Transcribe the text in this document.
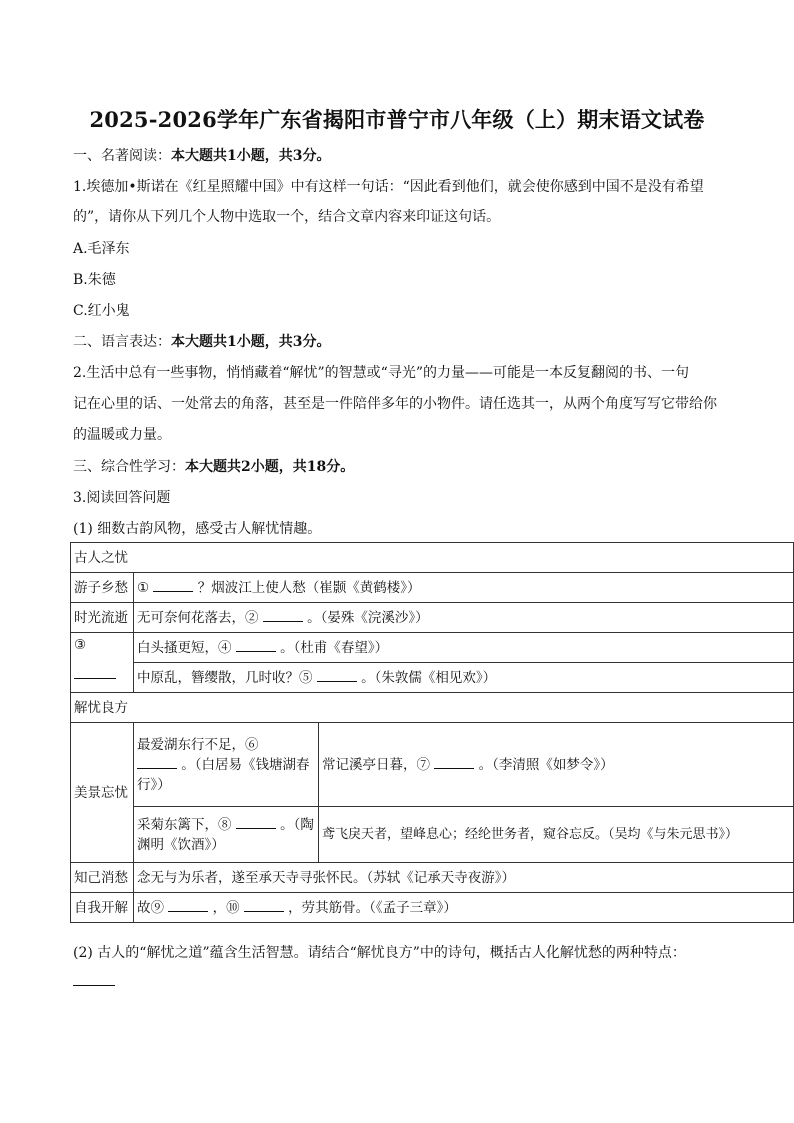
2025-2026学年广东省揭阳市普宁市八年级（上）期末语文试卷

一、名著阅读：本大题共1小题，共3分。

1.埃德加•斯诺在《红星照耀中国》中有这样一句话：“因此看到他们，就会使你感到中国不是没有希望

的”，请你从下列几个人物中选取一个，结合文章内容来印证这句话。

A.毛泽东

B.朱德

C.红小鬼

二、语言表达：本大题共1小题，共3分。

2.生活中总有一些事物，悄悄藏着“解忧”的智慧或“寻光”的力量——可能是一本反复翻阅的书、一句

记在心里的话、一处常去的角落，甚至是一件陪伴多年的小物件。请任选其一，从两个角度写写它带给你

的温暖或力量。

三、综合性学习：本大题共2小题，共18分。

3.阅读回答问题

(1) 细数古韵风物，感受古人解忧情趣。

古人之忧		
游子乡愁	① ？烟波江上使人愁（崔颢《黄鹤楼》）	
时光流逝	无可奈何花落去，② 。（晏殊《浣溪沙》）	

③	白头搔更短，④ 。（杜甫《春望》）	
	中原乱，簪缨散，几时收？⑤ 。（朱敦儒《相见欢》）	
解忧良方		
美景忘忧	最爱湖东行不足，⑥
。（白居易《钱塘湖春行》）	常记溪亭日暮，⑦ 。（李清照《如梦令》）
	采菊东篱下，⑧ 。（陶渊明《饮酒》）	鸢飞戾天者，望峰息心；经纶世务者，窥谷忘反。（吴均《与朱元思书》）
知己消愁	念无与为乐者，遂至承天寺寻张怀民。（苏轼《记承天寺夜游》）	
自我开解	故⑨ ，⑩ ，劳其筋骨。（《孟子三章》）	

(2) 古人的“解忧之道”蕴含生活智慧。请结合“解忧良方”中的诗句，概括古人化解忧愁的两种特点：
